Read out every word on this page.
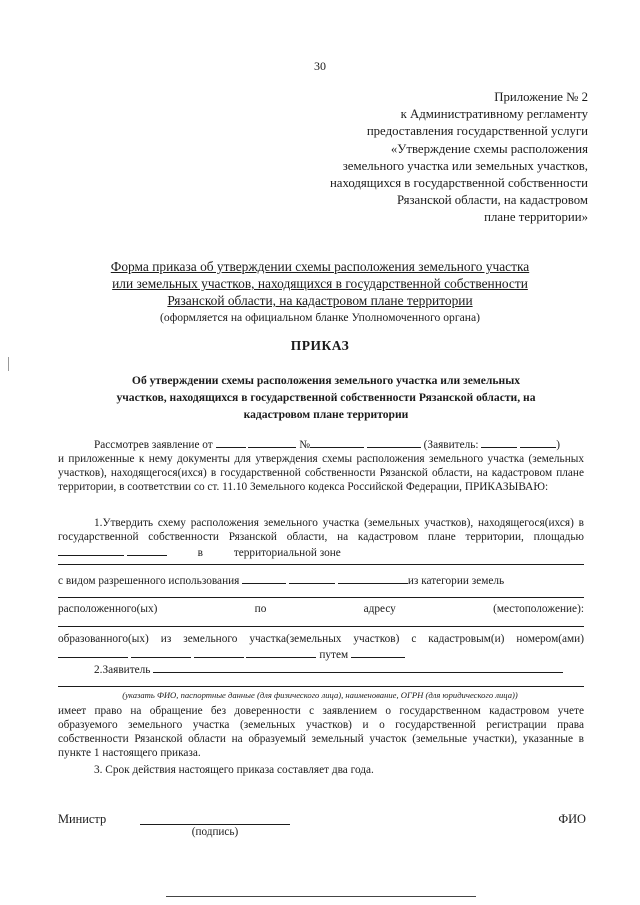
30
Приложение № 2
к Административному регламенту
предоставления государственной услуги
«Утверждение схемы расположения
земельного участка или земельных участков,
находящихся в государственной собственности
Рязанской области, на кадастровом
плане территории»
Форма приказа об утверждении схемы расположения земельного участка
или земельных участков, находящихся в государственной собственности
Рязанской области, на кадастровом плане территории
(оформляется на официальном бланке Уполномоченного органа)
ПРИКАЗ
Об утверждении схемы расположения земельного участка или земельных
участков, находящихся в государственной собственности Рязанской области, на
кадастровом плане территории
Рассмотрев заявление от	№	(Заявитель:	)
и приложенные к нему документы для утверждения схемы расположения земельного участка (земельных участков), находящегося(ихся) в государственной собственности Рязанской области, на кадастровом плане территории, в соответствии со ст. 11.10 Земельного кодекса Российской Федерации, ПРИКАЗЫВАЮ:
1.Утвердить схему расположения земельного участка (земельных участков), находящегося(ихся) в государственной собственности Рязанской области, на кадастровом плане территории, площадью   в	территориальной зоне
с видом разрешенного использования	из категории земель
расположенного(ых)	по	адресу	(местоположение):
образованного(ых) из земельного участка(земельных участков) с кадастровым(и) номером(ами)     путем
2.Заявитель
(указать ФИО, паспортные данные (для физического лица), наименование, ОГРН (для юридического лица))
имеет право на обращение без доверенности с заявлением о государственном кадастровом учете образуемого земельного участка (земельных участков) и о государственной регистрации права собственности Рязанской области на образуемый земельный участок (земельные участки), указанные в пункте 1 настоящего приказа.
3. Срок действия настоящего приказа составляет два года.
Министр
(подпись)
ФИО
